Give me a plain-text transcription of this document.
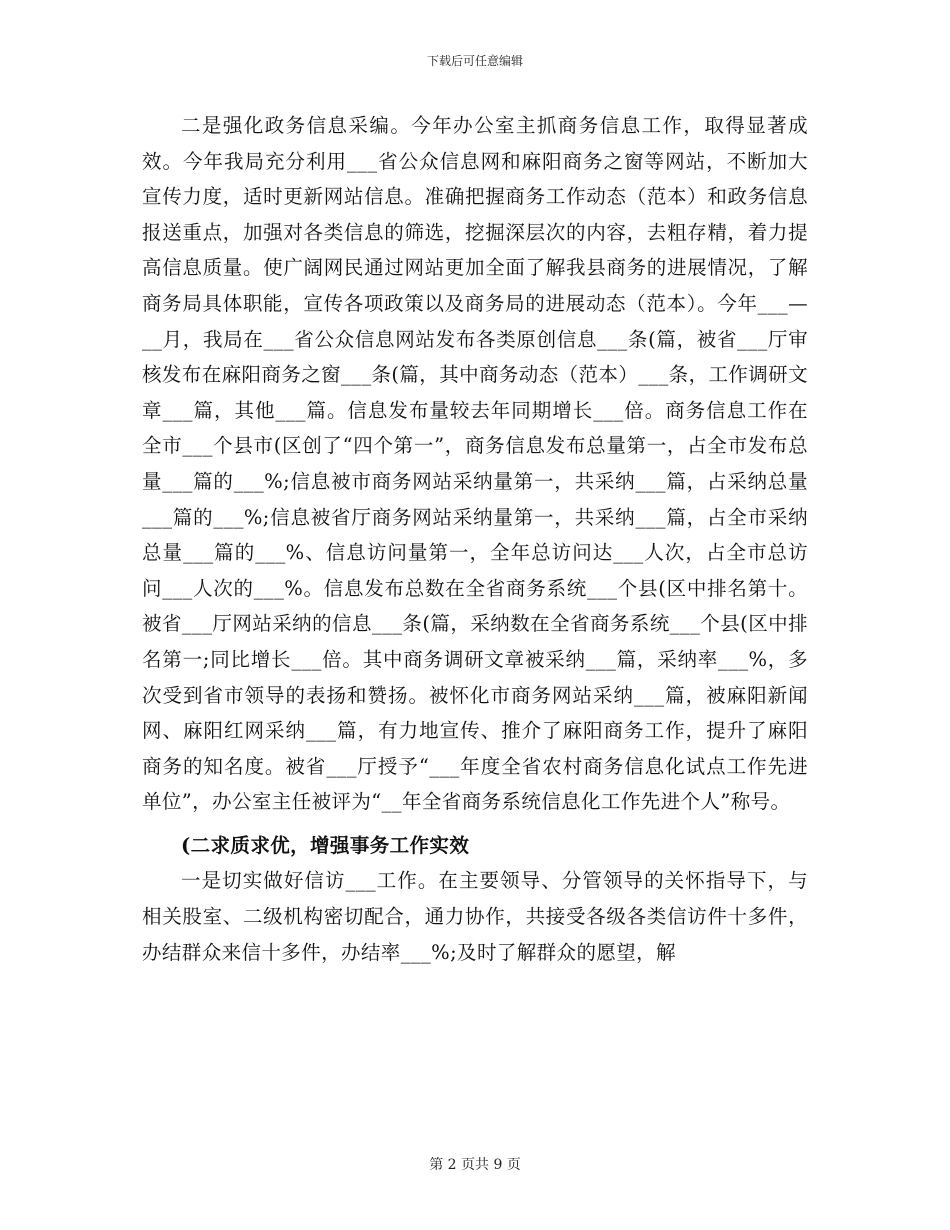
下载后可任意编辑

二是强化政务信息采编。今年办公室主抓商务信息工作，取得显著成效。今年我局充分利用___省公众信息网和麻阳商务之窗等网站，不断加大宣传力度，适时更新网站信息。准确把握商务工作动态（范本）和政务信息报送重点，加强对各类信息的筛选，挖掘深层次的内容，去粗存精，着力提高信息质量。使广阔网民通过网站更加全面了解我县商务的进展情况，了解商务局具体职能，宣传各项政策以及商务局的进展动态（范本）。今年___—__月，我局在___省公众信息网站发布各类原创信息___条(篇，被省___厅审核发布在麻阳商务之窗___条(篇，其中商务动态（范本）___条，工作调研文章___篇，其他___篇。信息发布量较去年同期增长___倍。商务信息工作在全市___个县市(区创了“四个第一”，商务信息发布总量第一，占全市发布总量___篇的___%;信息被市商务网站采纳量第一，共采纳___篇，占采纳总量___篇的___%;信息被省厅商务网站采纳量第一，共采纳___篇，占全市采纳总量___篇的___%、信息访问量第一，全年总访问达___人次，占全市总访问___人次的___%。信息发布总数在全省商务系统___个县(区中排名第十。被省___厅网站采纳的信息___条(篇，采纳数在全省商务系统___个县(区中排名第一;同比增长___倍。其中商务调研文章被采纳___篇，采纳率___%，多次受到省市领导的表扬和赞扬。被怀化市商务网站采纳___篇，被麻阳新闻网、麻阳红网采纳___篇，有力地宣传、推介了麻阳商务工作，提升了麻阳商务的知名度。被省___厅授予“___年度全省农村商务信息化试点工作先进单位”，办公室主任被评为“__年全省商务系统信息化工作先进个人”称号。

(二求质求优，增强事务工作实效

一是切实做好信访___工作。在主要领导、分管领导的关怀指导下，与相关股室、二级机构密切配合，通力协作，共接受各级各类信访件十多件，办结群众来信十多件，办结率___%;及时了解群众的愿望，解

第 2 页共 9 页
